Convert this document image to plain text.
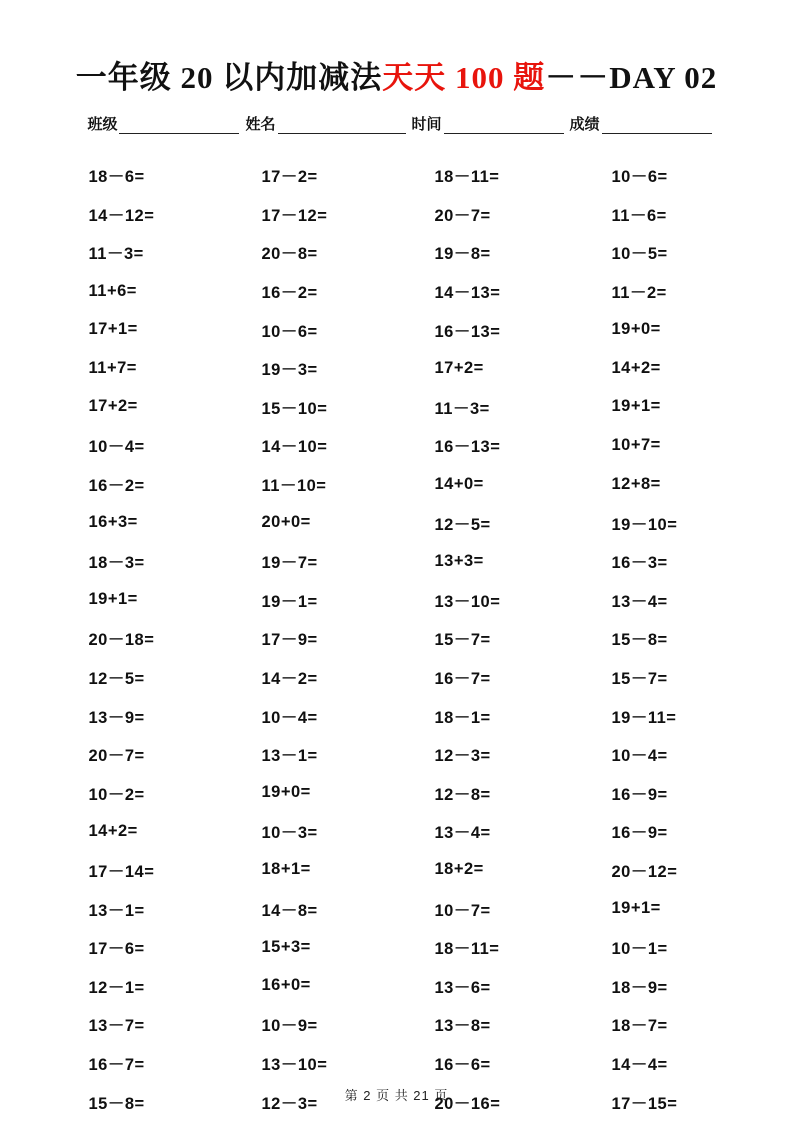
一年级 20 以内加减法天天 100 题－－DAY 02
班级	姓名	时间	成绩
18－6=	17－2=	18－11=	10－6=
14－12=	17－12=	20－7=	11－6=
11－3=	20－8=	19－8=	10－5=
11+6=	16－2=	14－13=	11－2=
17+1=	10－6=	16－13=	19+0=
11+7=	19－3=	17+2=	14+2=
17+2=	15－10=	11－3=	19+1=
10－4=	14－10=	16－13=	10+7=
16－2=	11－10=	14+0=	12+8=
16+3=	20+0=	12－5=	19－10=
18－3=	19－7=	13+3=	16－3=
19+1=	19－1=	13－10=	13－4=
20－18=	17－9=	15－7=	15－8=
12－5=	14－2=	16－7=	15－7=
13－9=	10－4=	18－1=	19－11=
20－7=	13－1=	12－3=	10－4=
10－2=	19+0=	12－8=	16－9=
14+2=	10－3=	13－4=	16－9=
17－14=	18+1=	18+2=	20－12=
13－1=	14－8=	10－7=	19+1=
17－6=	15+3=	18－11=	10－1=
12－1=	16+0=	13－6=	18－9=
13－7=	10－9=	13－8=	18－7=
16－7=	13－10=	16－6=	14－4=
15－8=	12－3=	20－16=	17－15=
第 2 页 共 21 页
